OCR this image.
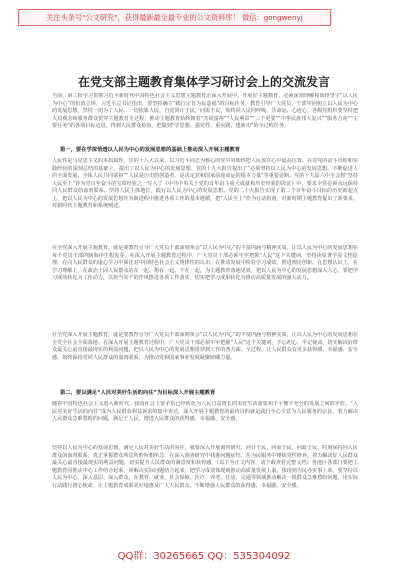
关注头条号"公文研究"，获得最新最全最专业的公文资料库！ 微信：gongwenyj
在党支部主题教育集体学习研讨会上的交流发言
当前，第二批学习贯彻习近平新时代中国特色社会主义思想主题教育正深入开展中。开展好主题教育，必须深刻理解和始终坚守“以人民为中心”的价值立场。习近平总书记指出，要坚持确立“践行宗旨为民造福”的目标任务，教育引导广大党员、干部牢固树立以人民为中心的发展思想，坚持一切为了人民、一切依靠人民，自觉同计于民，问需于民，始终同人民同呼吸、共命运、心连心。各级党组织要坚持把大局观念和服务群众贯穿主题教育全过程，推动主题教育始终朝着“共同富裕”“人民利益”“三个更要”“中华民族伟大复兴”“服务方向”“主要任务”的各项目标迈进，得到人民群众检验。把做到“学思想、强党性、重实践、建新功”的全过程任务。
第一，要在学深悟透以人民为中心的发展思想的基础上推动深入开展主题教育
人民性是马克思主义的本质属性，党的十八大以来，以习近平同志为核心的党中央始终把人民放在心中最高位置。在对党的奋斗历程和实践经验的深刻总结的基础上，提出了以人民为中心的发展思想。党的十九大报告提出了“必须坚持以人民为中心的发展思想，不断促进人的全面发展，全体人民共同富裕”“人民是历史的创造者，是决定党和国家前途命运的根本力量”等重要论断。党的十九届六中全会将“坚持人民至上”作为党百年奋斗的宝贵经验之一写入了《中共中央关于党的百年奋斗重大成就和历史经验的决议》中，要求全党必须永远保持同人民群众的血肉联系，坚持人民主体地位，践行以人民为中心的发展思想。党的二十大报告实现了第二个百年奋斗目标的历史新起点上，把以人民为中心的发展思想作为新进程中推进各项工作的基本遵循，把“人民至上”作为行动指南，对新时期主题教育提出了新要求。对新时代主题教育和系统阐述。
在全党深入开展主题教育，就是要教育引导广大党员干部深刻领会“以人民为中心”的丰富内涵与精神实质，让以人民为中心的发展思想在每个党员干部的脑海中生根发芽。在深入开展主题教育过程中，广大党员干部必须牢牢把握“人民”这个关键词，坚持读原著学原文悟原理，在向人民群众的虚心学习中深化对中国特色社会主义规律性的认识，在推动发展中检验学习成效，推进理论创新。在思想认识上，在学习理解上，在政治上同人民群众站在一起、想在一起、干在一起，为主题教育落地见效。把以人民为中心的发展思想深入人心，要把学习成效转化为工作动力，以担当实干的作风推进各项工作落实，切实把学习成果转化为推动高质量发展的强大动力。
在全党深入开展主题教育，就是要教育引导广大党员干部深刻领会“以人民为中心”的丰富内涵与精神实质，让以人民为中心的发展思想在全党全社会全面落地。在深入开展主题教育过程中，广大党员干部必须牢牢把握“人民”这个关键词，不忘初心、牢记使命，切实解决好群众最关心最直接最现实的利益问题，把以人民为中心的发展思想贯穿到工作的各方面、全过程，让人民群众有更多获得感、幸福感、安全感，始终保持党同人民群众的血肉联系，为推动党和国家事业发展凝聚磅礴力量。
第二，要以满足“人民对美好生活的向往”为目标深入开展主题教育
随着中国特色社会主义进入新时代，我国社会主要矛盾已经转化为人民日益增长的美好生活需要和不平衡不充分的发展之间的矛盾。“人民对美好生活的向往”成为人民群众利益诉求的集中表达，深入开展主题教育的最终目的就是践行全心全意为人民服务的宗旨，着力解决人民群众急难愁盼的问题，满足于人民，增进人民群众的获得感、幸福感、安全感。
坚持以人民为中心的发展思想，满足人民对美好生活的向往，就要深入开展调查研究，问计于民，问需于民，问政于民，时刻保持同人民群众的血肉联系，真正掌握群众所思所盼所想所急，在深入调查研究中找准问题症结，在为民服务中锤炼党性修养，着力解决好人民群众最关心最直接最现实的利益问题，切实提升人民群众的满意度和获得感。（以下为正文内容，请下载查看完整文档）各地区各部门要把主题教育同推动中心工作结合起来，同解决实际问题结合起来，把学习成效体现到推动高质量发展上来，体现到为民办实事上来。要坚持以人民为中心，深入基层、深入群众，在教育、就业、社会保障、医疗、养老、住房、交通等领域推动解决一批群众急难愁盼问题，用实际行动践行初心使命，让主题教育成果更好地惠及广大人民群众，不断增强人民群众的获得感、幸福感、安全感。
QQ群：30265665 QQ：535304092
